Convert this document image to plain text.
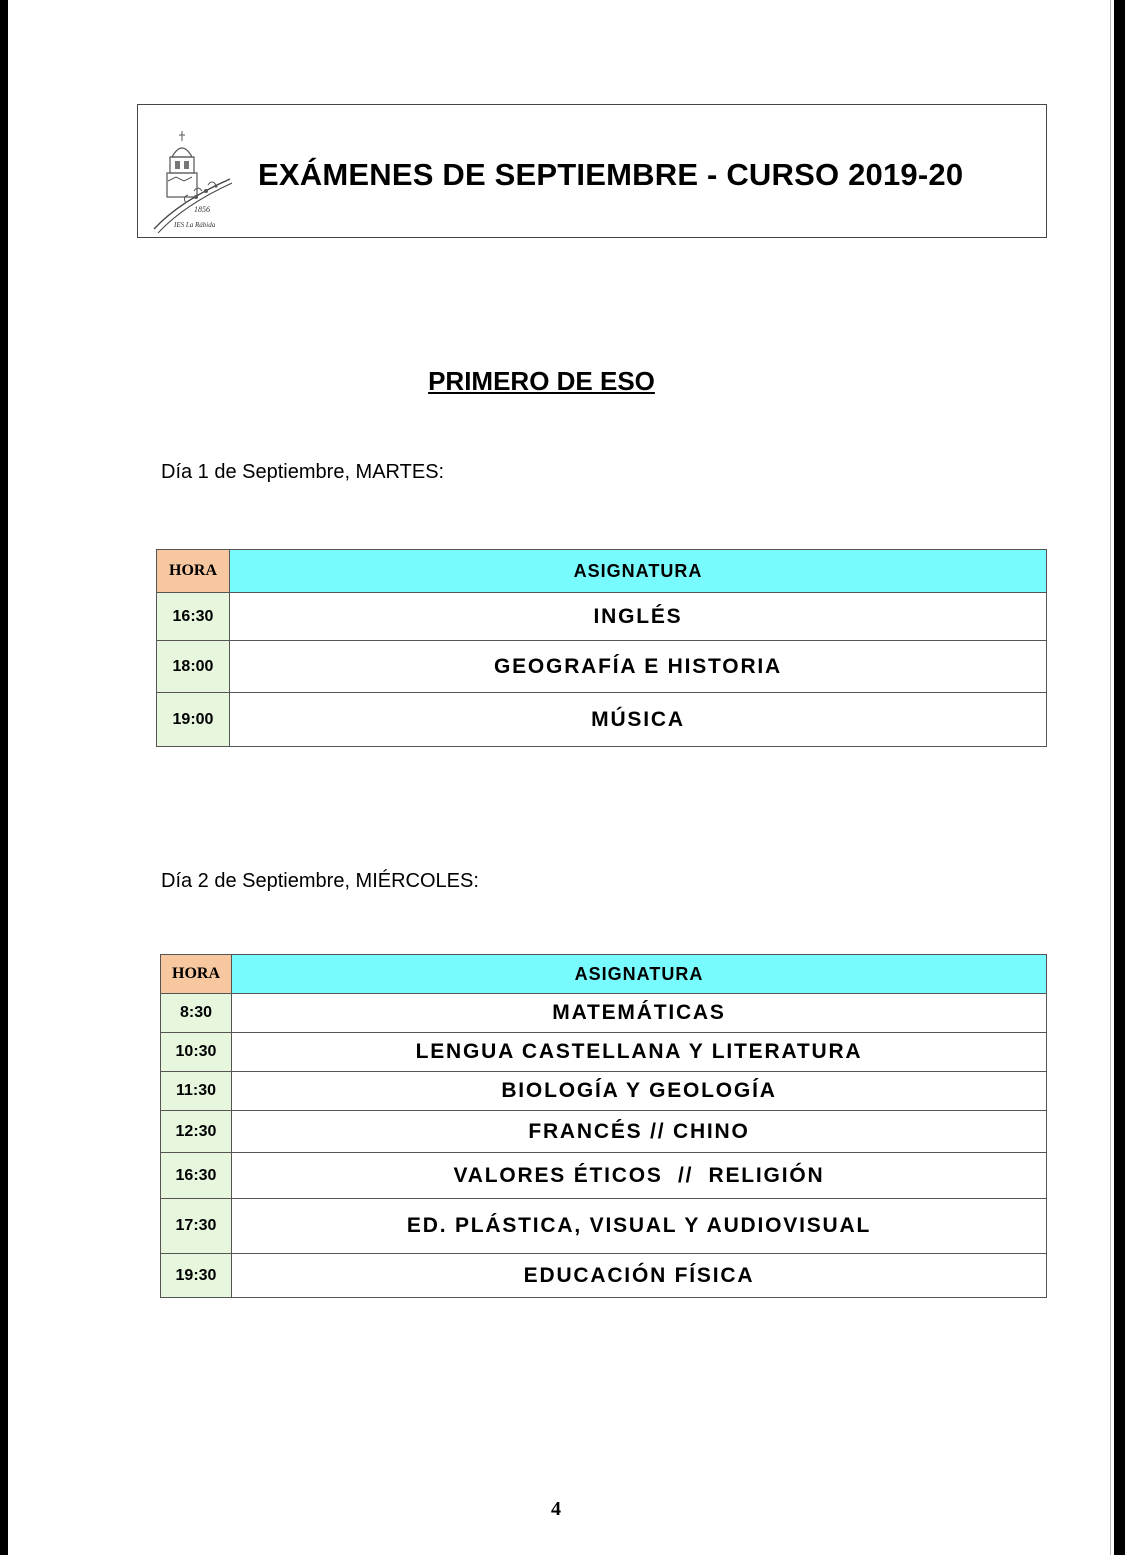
1856
IES La Rábida
EXÁMENES DE SEPTIEMBRE - CURSO 2019-20
PRIMERO DE ESO
Día 1 de Septiembre, MARTES:
HORA	ASIGNATURA
16:30	INGLÉS
18:00	GEOGRAFÍA E HISTORIA
19:00	MÚSICA
Día 2 de Septiembre, MIÉRCOLES:
HORA	ASIGNATURA
8:30	MATEMÁTICAS
10:30	LENGUA CASTELLANA Y LITERATURA
11:30	BIOLOGÍA Y GEOLOGÍA
12:30	FRANCÉS // CHINO
16:30	VALORES ÉTICOS  //  RELIGIÓN
17:30	ED. PLÁSTICA, VISUAL Y AUDIOVISUAL
19:30	EDUCACIÓN FÍSICA
4
